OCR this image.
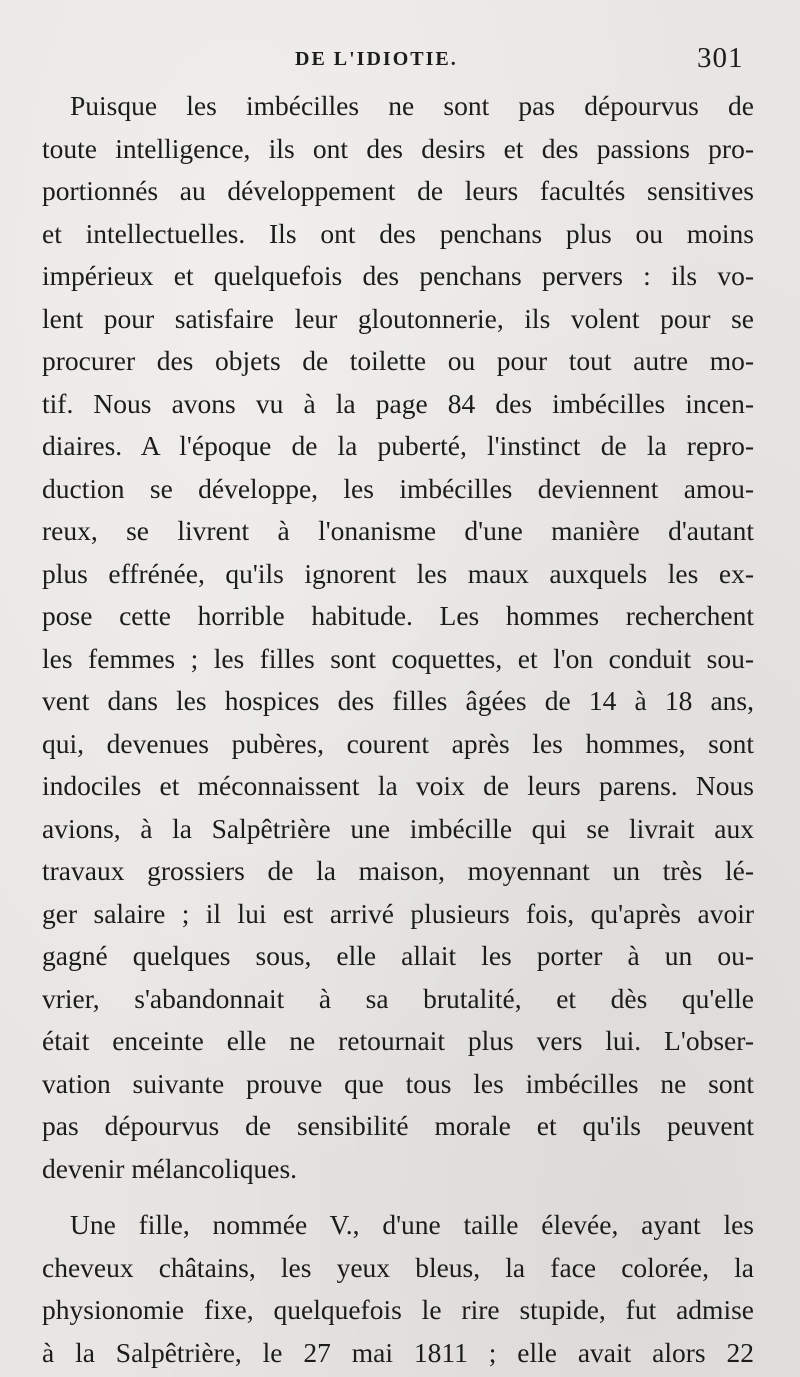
DE L'IDIOTIE.	301
Puisque les imbécilles ne sont pas dépourvus de
toute intelligence, ils ont des desirs et des passions pro-
portionnés au développement de leurs facultés sensitives
et intellectuelles. Ils ont des penchans plus ou moins
impérieux et quelquefois des penchans pervers : ils vo-
lent pour satisfaire leur gloutonnerie, ils volent pour se
procurer des objets de toilette ou pour tout autre mo-
tif. Nous avons vu à la page 84 des imbécilles incen-
diaires. A l'époque de la puberté, l'instinct de la repro-
duction se développe, les imbécilles deviennent amou-
reux, se livrent à l'onanisme d'une manière d'autant
plus effrénée, qu'ils ignorent les maux auxquels les ex-
pose cette horrible habitude. Les hommes recherchent
les femmes ; les filles sont coquettes, et l'on conduit sou-
vent dans les hospices des filles âgées de 14 à 18 ans,
qui, devenues pubères, courent après les hommes, sont
indociles et méconnaissent la voix de leurs parens. Nous
avions, à la Salpêtrière une imbécille qui se livrait aux
travaux grossiers de la maison, moyennant un très lé-
ger salaire ; il lui est arrivé plusieurs fois, qu'après avoir
gagné quelques sous, elle allait les porter à un ou-
vrier, s'abandonnait à sa brutalité, et dès qu'elle
était enceinte elle ne retournait plus vers lui. L'obser-
vation suivante prouve que tous les imbécilles ne sont
pas dépourvus de sensibilité morale et qu'ils peuvent
devenir mélancoliques.
Une fille, nommée V., d'une taille élevée, ayant les
cheveux châtains, les yeux bleus, la face colorée, la
physionomie fixe, quelquefois le rire stupide, fut admise
à la Salpêtrière, le 27 mai 1811 ; elle avait alors 22
